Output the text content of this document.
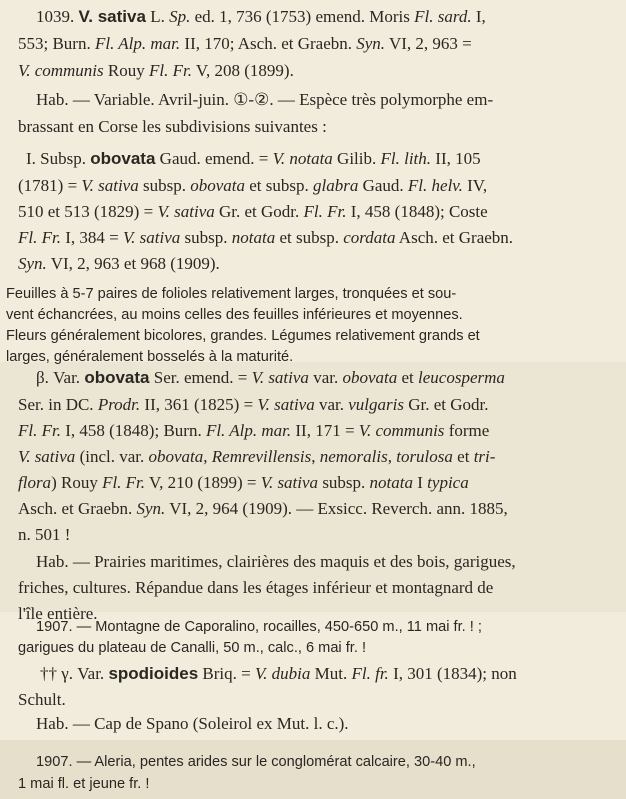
1039. V. sativa L. Sp. ed. 1, 736 (1753) emend. Moris Fl. sard. I,
553; Burn. Fl. Alp. mar. II, 170; Asch. et Graebn. Syn. VI, 2, 963 =
V. communis Rouy Fl. Fr. V, 208 (1899).
Hab. — Variable. Avril-juin. ①-②. — Espèce très polymorphe em-
brassant en Corse les subdivisions suivantes :
I. Subsp. obovata Gaud. emend. = V. notata Gilib. Fl. lith. II, 105
(1781) = V. sativa subsp. obovata et subsp. glabra Gaud. Fl. helv. IV,
510 et 513 (1829) = V. sativa Gr. et Godr. Fl. Fr. I, 458 (1848); Coste
Fl. Fr. I, 384 = V. sativa subsp. notata et subsp. cordata Asch. et Graebn.
Syn. VI, 2, 963 et 968 (1909).
Feuilles à 5-7 paires de folioles relativement larges, tronquées et sou-
vent échancrées, au moins celles des feuilles inférieures et moyennes.
Fleurs généralement bicolores, grandes. Légumes relativement grands et
larges, généralement bosselés à la maturité.
β. Var. obovata Ser. emend. = V. sativa var. obovata et leucosperma
Ser. in DC. Prodr. II, 361 (1825) = V. sativa var. vulgaris Gr. et Godr.
Fl. Fr. I, 458 (1848); Burn. Fl. Alp. mar. II, 171 = V. communis forme
V. sativa (incl. var. obovata, Remrevillensis, nemoralis, torulosa et tri-
flora) Rouy Fl. Fr. V, 210 (1899) = V. sativa subsp. notata I typica
Asch. et Graebn. Syn. VI, 2, 964 (1909). — Exsicc. Reverch. ann. 1885,
n. 501 !
Hab. — Prairies maritimes, clairières des maquis et des bois, garigues,
friches, cultures. Répandue dans les étages inférieur et montagnard de
l'île entière.
1907. — Montagne de Caporalino, rocailles, 450-650 m., 11 mai fr. ! ;
garigues du plateau de Canalli, 50 m., calc., 6 mai fr. !
†† γ. Var. spodioides Briq. = V. dubia Mut. Fl. fr. I, 301 (1834); non
Schult.
Hab. — Cap de Spano (Soleirol ex Mut. l. c.).
1907. — Aleria, pentes arides sur le conglomérat calcaire, 30-40 m.,
1 mai fl. et jeune fr. !
